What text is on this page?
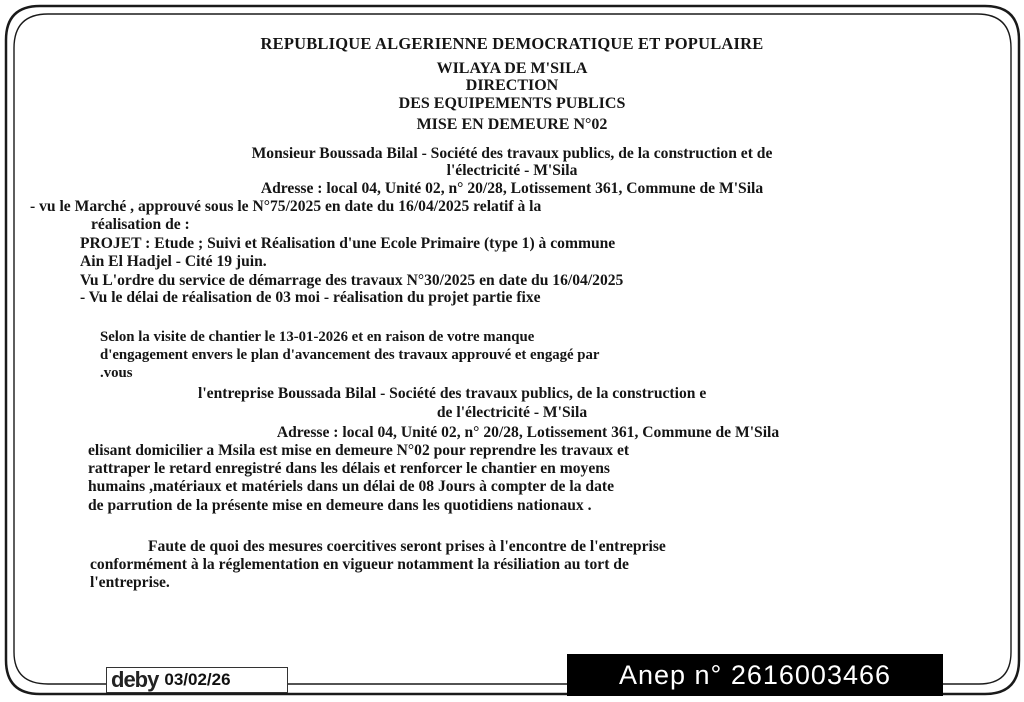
REPUBLIQUE ALGERIENNE DEMOCRATIQUE ET POPULAIRE
WILAYA DE M'SILA
DIRECTION
DES EQUIPEMENTS PUBLICS
MISE EN DEMEURE N°02
Monsieur Boussada Bilal - Société des travaux publics, de la construction et de
l'électricité - M'Sila
Adresse : local 04, Unité 02, n° 20/28, Lotissement 361, Commune de M'Sila
- vu le Marché , approuvé sous le N°75/2025 en date du 16/04/2025 relatif à la
réalisation de :
PROJET : Etude ; Suivi et Réalisation d'une Ecole Primaire (type 1) à commune
Ain El Hadjel - Cité 19 juin.
Vu L'ordre du service de démarrage des travaux N°30/2025 en date du 16/04/2025
- Vu le délai de réalisation de 03 moi - réalisation du projet partie fixe
Selon la visite de chantier le 13-01-2026 et en raison de votre manque
d'engagement envers le plan d'avancement des travaux approuvé et engagé par
.vous
l'entreprise Boussada Bilal - Société des travaux publics, de la construction e
de l'électricité - M'Sila
Adresse : local 04, Unité 02, n° 20/28, Lotissement 361, Commune de M'Sila
elisant domicilier a Msila est mise en demeure N°02 pour reprendre les travaux et
rattraper le retard enregistré dans les délais et renforcer le chantier en moyens
humains ,matériaux et matériels dans un délai de 08 Jours à compter de la date
de parrution de la présente mise en demeure dans les quotidiens nationaux .
Faute de quoi des mesures coercitives seront prises à l'encontre de l'entreprise
conformément à la réglementation en vigueur notamment la résiliation au tort de
l'entreprise.
deby 03/02/26	Anep n° 2616003466
